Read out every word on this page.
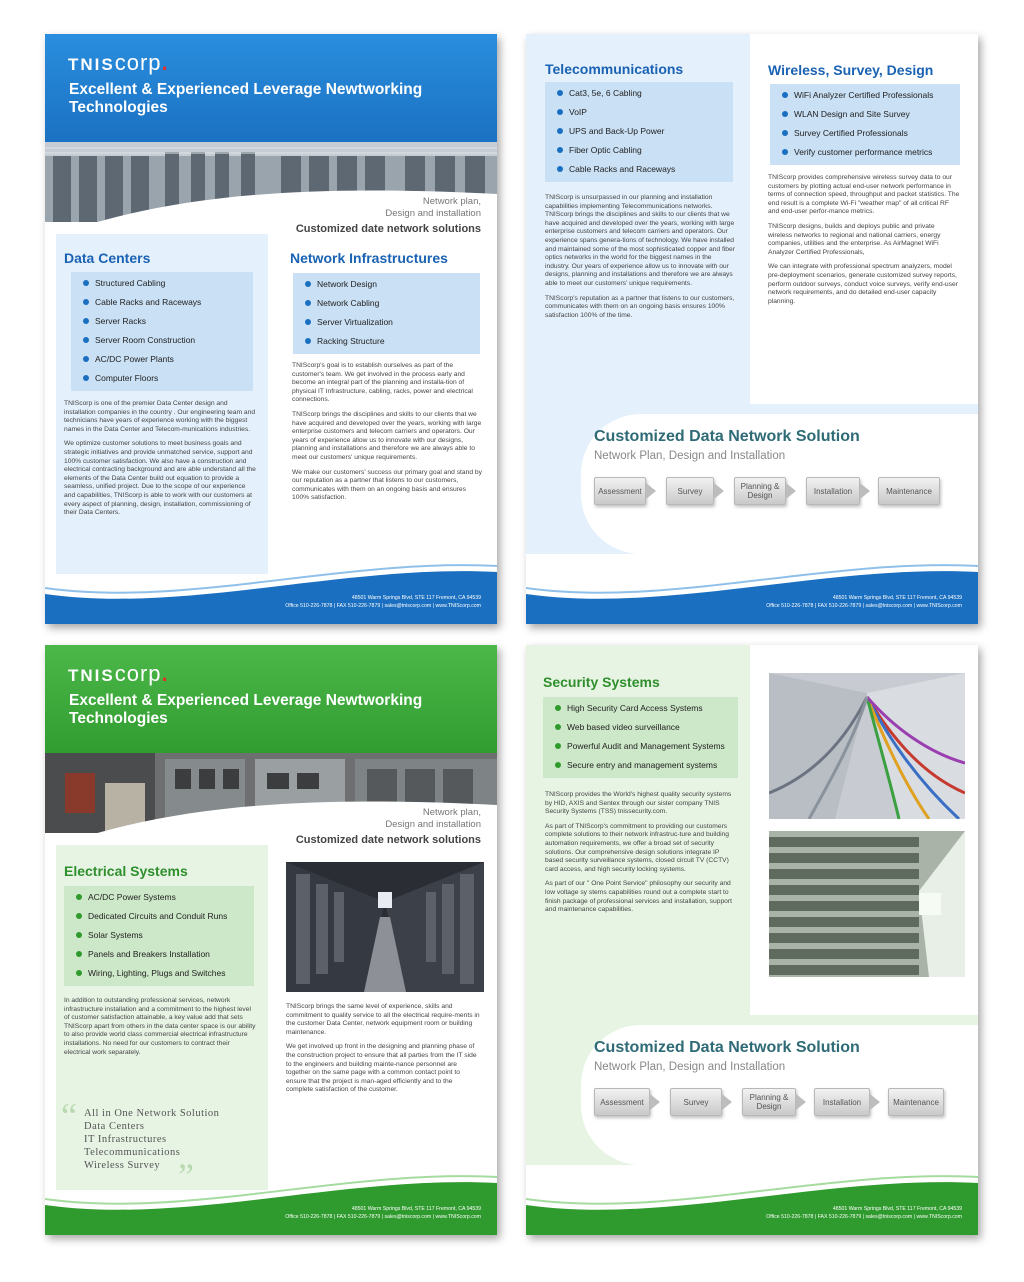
TNIScorp.
Excellent & Experienced Leverage Newtworking Technologies
Network plan,
Design and installation
Customized date network solutions
Data Centers
Structured Cabling
Cable Racks and Raceways
Server Racks
Server Room Construction
AC/DC Power Plants
Computer Floors

TNIScorp is one of the premier Data Center design and installation companies in the country . Our engineering team and technicians have years of experience working with the biggest names in the Data Center and Telecom-munications industries.

We optimize customer solutions to meet business goals and strategic initiatives and provide unmatched service, support and 100% customer satisfaction. We also have a construction and electrical contracting background and are able understand all the elements of the Data Center build out equation to provide a seamless, unified project. Due to the scope of our experience and capabilities, TNIScorp is able to work with our customers at every aspect of planning, design, installation, commissioning of their Data Centers.

Network Infrastructures
Network Design
Network Cabling
Server Virtualization
Racking Structure

TNIScorp's goal is to establish ourselves as part of the customer's team. We get involved in the process early and become an integral part of the planning and installa-tion of physical IT Infrastructure, cabling, racks, power and electrical connections.

TNIScorp brings the disciplines and skills to our clients that we have acquired and developed over the years, working with large enterprise customers and telecom carriers and operators. Our years of experience allow us to innovate with our designs, planning and installations and therefore we are always able to meet our customers' unique requirements.

We make our customers' success our primary goal and stand by our reputation as a partner that listens to our customers, communicates with them on an ongoing basis and ensures 100% satisfaction.

48501 Warm Springs Blvd, STE 117 Fremont, CA 94539
Office 510-226-7878 | FAX 510-226-7879 | sales@tniscorp.com | www.TNIScorp.com
Telecommunications
Cat3, 5e, 6 Cabling
VoIP
UPS and Back-Up Power
Fiber Optic Cabling
Cable Racks and Raceways

TNIScorp is unsurpassed in our planning and installation capabilities implementing Telecommunications networks. TNIScorp brings the disciplines and skills to our clients that we have acquired and developed over the years, working with large enterprise customers and telecom carriers and operators. Our experience spans genera-tions of technology. We have installed and maintained some of the most sophisticated copper and fiber optics networks in the world for the biggest names in the industry. Our years of experience allow us to innovate with our designs, planning and installations and therefore we are always able to meet our customers' unique requirements.

TNIScorp's reputation as a partner that listens to our customers, communicates with them on an ongoing basis ensures 100% satisfaction 100% of the time.

Wireless, Survey, Design
WiFi Analyzer Certified Professionals
WLAN Design and Site Survey
Survey Certified Professionals
Verify customer performance metrics

TNIScorp provides comprehensive wireless survey data to our customers by plotting actual end-user network performance in terms of connection speed, throughput and packet statistics. The end result is a complete Wi-Fi "weather map" of all critical RF and end-user perfor-mance metrics.

TNIScorp designs, builds and deploys public and private wireless networks to regional and national carriers, energy companies, utilities and the enterprise. As AirMagnet WiFi Analyzer Certified Professionals,

We can integrate with professional spectrum analyzers, model pre-deployment scenarios, generate customized survey reports, perform outdoor surveys, conduct voice surveys, verify end-user network requirements, and do detailed end-user capacity planning.

Customized Data Network Solution
Network Plan, Design and Installation
Assessment	Survey	Planning & Design	Installation	Maintenance
48501 Warm Springs Blvd, STE 117 Fremont, CA 94539
Office 510-226-7878 | FAX 510-226-7879 | sales@tniscorp.com | www.TNIScorp.com
TNIScorp.
Excellent & Experienced Leverage Newtworking Technologies
Network plan,
Design and installation
Customized date network solutions
Electrical Systems
AC/DC Power Systems
Dedicated Circuits and Conduit Runs
Solar Systems
Panels and Breakers Installation
Wiring, Lighting, Plugs and Switches

In addition to outstanding professional services, network infrastructure installation and a commitment to the highest level of customer satisfaction attainable, a key value add that sets TNIScorp apart from others in the data center space is our ability to also provide world class commercial electrical infrastructure installations. No need for our customers to contract their electrical work separately.

“ All in One Network Solution
Data Centers
IT Infrastructures
Telecommunications
Wireless Survey ”

TNIScorp brings the same level of experience, skills and commitment to quality service to all the electrical require-ments in the customer Data Center, network equipment room or building maintenance.

We get involved up front in the designing and planning phase of the construction project to ensure that all parties from the IT side to the engineers and building mainte-nance personnel are together on the same page with a common contact point to ensure that the project is man-aged efficiently and to the complete satisfaction of the customer.

48501 Warm Springs Blvd, STE 117 Fremont, CA 94539
Office 510-226-7878 | FAX 510-226-7879 | sales@tniscorp.com | www.TNIScorp.com
Security Systems
High Security Card Access Systems
Web based video surveillance
Powerful Audit and Management Systems
Secure entry and management systems

TNIScorp provides the World's highest quality security systems by HID, AXIS and Sentex through our sister company TNIS Security Systems (TSS) tnissecurity.com.

As part of TNIScorp's commitment to providing our customers complete solutions to their network infrastruc-ture and building automation requirements, we offer a broad set of security solutions. Our comprehensive design solutions integrate IP based security surveillance systems, closed circuit TV (CCTV) card access, and high security locking systems.

As part of our " One Point Service" philosophy our security and low voltage sy stems capabilities round out a complete start to finish package of professional services and installation, support and maintenance capabilities.

Customized Data Network Solution
Network Plan, Design and Installation
Assessment	Survey	Planning & Design	Installation	Maintenance
48501 Warm Springs Blvd, STE 117 Fremont, CA 94539
Office 510-226-7878 | FAX 510-226-7879 | sales@tniscorp.com | www.TNIScorp.com
